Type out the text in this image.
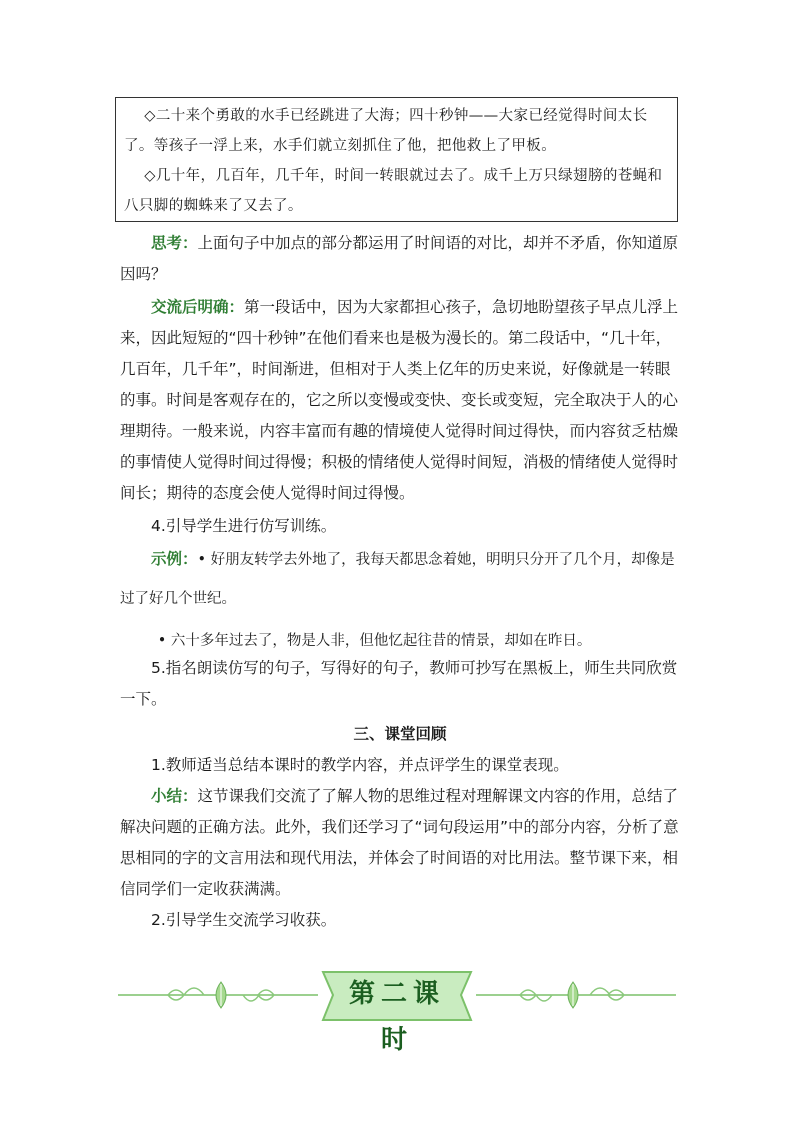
◇二十来个勇敢的水手已经跳进了大海；四十秒钟——大家已经觉得时间太长了。等孩子一浮上来，水手们就立刻抓住了他，把他救上了甲板。

◇几十年，几百年，几千年，时间一转眼就过去了。成千上万只绿翅膀的苍蝇和八只脚的蜘蛛来了又去了。

思考：上面句子中加点的部分都运用了时间语的对比，却并不矛盾，你知道原因吗？

交流后明确：第一段话中，因为大家都担心孩子，急切地盼望孩子早点儿浮上来，因此短短的“四十秒钟”在他们看来也是极为漫长的。第二段话中，“几十年，几百年，几千年”，时间渐进，但相对于人类上亿年的历史来说，好像就是一转眼的事。时间是客观存在的，它之所以变慢或变快、变长或变短，完全取决于人的心理期待。一般来说，内容丰富而有趣的情境使人觉得时间过得快，而内容贫乏枯燥的事情使人觉得时间过得慢；积极的情绪使人觉得时间短，消极的情绪使人觉得时间长；期待的态度会使人觉得时间过得慢。

4.引导学生进行仿写训练。

示例：• 好朋友转学去外地了，我每天都思念着她，明明只分开了几个月，却像是过了好几个世纪。

• 六十多年过去了，物是人非，但他忆起往昔的情景，却如在昨日。

5.指名朗读仿写的句子，写得好的句子，教师可抄写在黑板上，师生共同欣赏一下。

三、课堂回顾

1.教师适当总结本课时的教学内容，并点评学生的课堂表现。

小结：这节课我们交流了了解人物的思维过程对理解课文内容的作用，总结了解决问题的正确方法。此外，我们还学习了“词句段运用”中的部分内容，分析了意思相同的字的文言用法和现代用法，并体会了时间语的对比用法。整节课下来，相信同学们一定收获满满。

2.引导学生交流学习收获。

第二课时
